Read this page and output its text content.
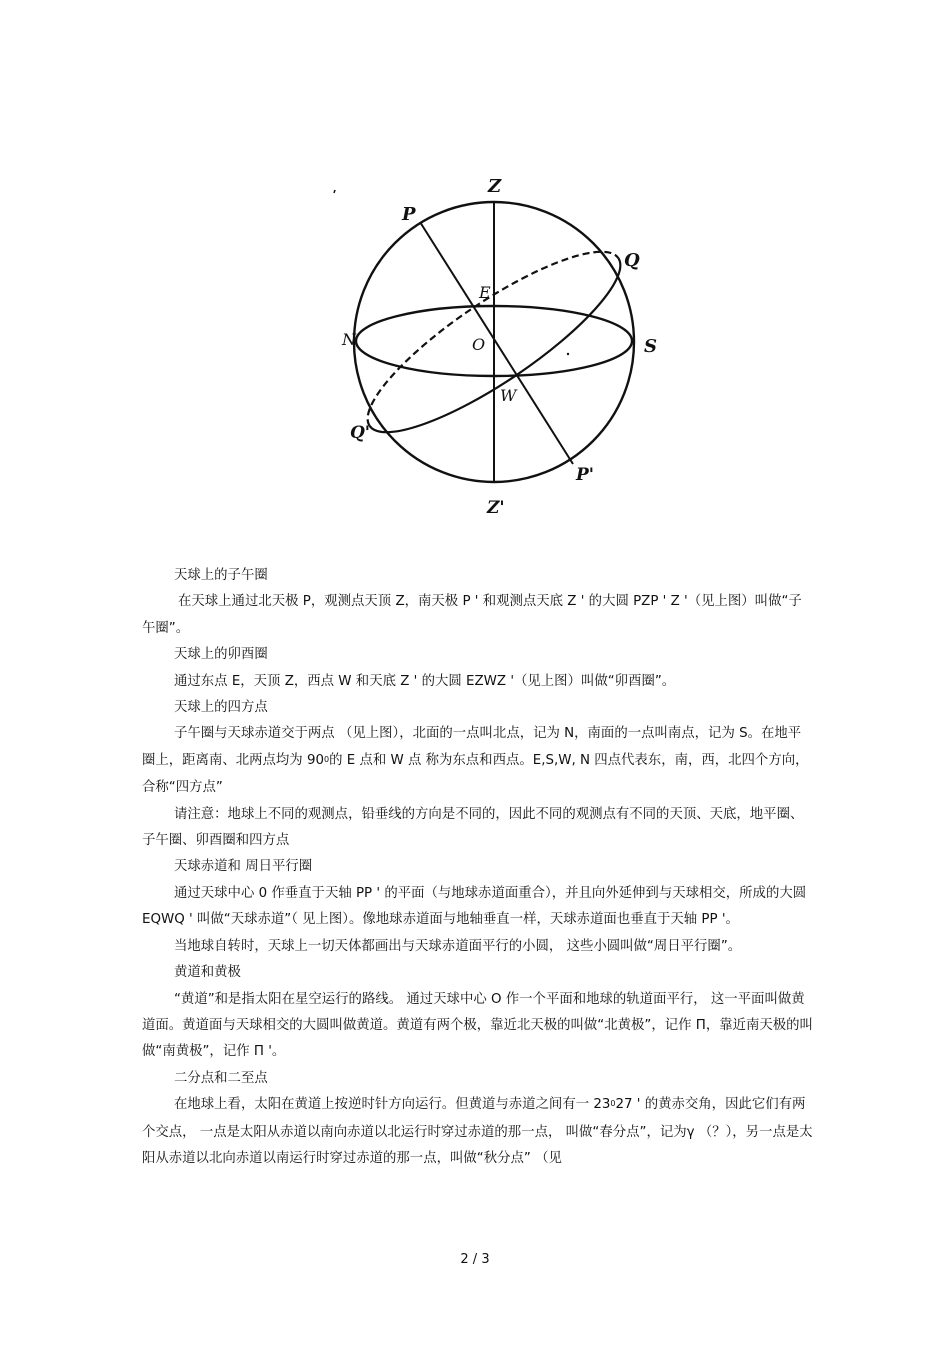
Z
P
Q
E
N	O	S
W
Q'
P'
Z'

天球上的子午圈

在天球上通过北天极 P，观测点天顶 Z，南天极 P ' 和观测点天底 Z ' 的大圆 PZP ' Z '（见上图）叫做“子午圈”。

天球上的卯酉圈

通过东点 E，天顶 Z，西点 W 和天底 Z ' 的大圆 EZWZ '（见上图）叫做“卯酉圈”。

天球上的四方点

子午圈与天球赤道交于两点 （见上图），北面的一点叫北点，记为 N，南面的一点叫南点，记为 S。在地平圈上，距离南、北两点均为 $90^0$的 E 点和 W 点 称为东点和西点。E,S,W, N 四点代表东，南，西，北四个方向，合称“四方点”

请注意：地球上不同的观测点，铅垂线的方向是不同的，因此不同的观测点有不同的天顶、天底，地平圈、子午圈、卯酉圈和四方点

天球赤道和 周日平行圈

通过天球中心 0 作垂直于天轴 PP ' 的平面（与地球赤道面重合），并且向外延伸到与天球相交，所成的大圆 EQWQ ' 叫做“天球赤道”（ 见上图）。像地球赤道面与地轴垂直一样，天球赤道面也垂直于天轴 PP '。

当地球自转时，天球上一切天体都画出与天球赤道面平行的小圆， 这些小圆叫做“周日平行圈”。

黄道和黄极

“黄道”和是指太阳在星空运行的路线。 通过天球中心 O 作一个平面和地球的轨道面平行， 这一平面叫做黄道面。黄道面与天球相交的大圆叫做黄道。黄道有两个极，靠近北天极的叫做“北黄极”，记作 Π，靠近南天极的叫做“南黄极”，记作 Π '。

二分点和二至点

在地球上看，太阳在黄道上按逆时针方向运行。但黄道与赤道之间有一 $23^027$ ' 的黄赤交角，因此它们有两个交点， 一点是太阳从赤道以南向赤道以北运行时穿过赤道的那一点， 叫做“春分点”，记为γ （？），另一点是太阳从赤道以北向赤道以南运行时穿过赤道的那一点，叫做“秋分点” （见

2 / 3
